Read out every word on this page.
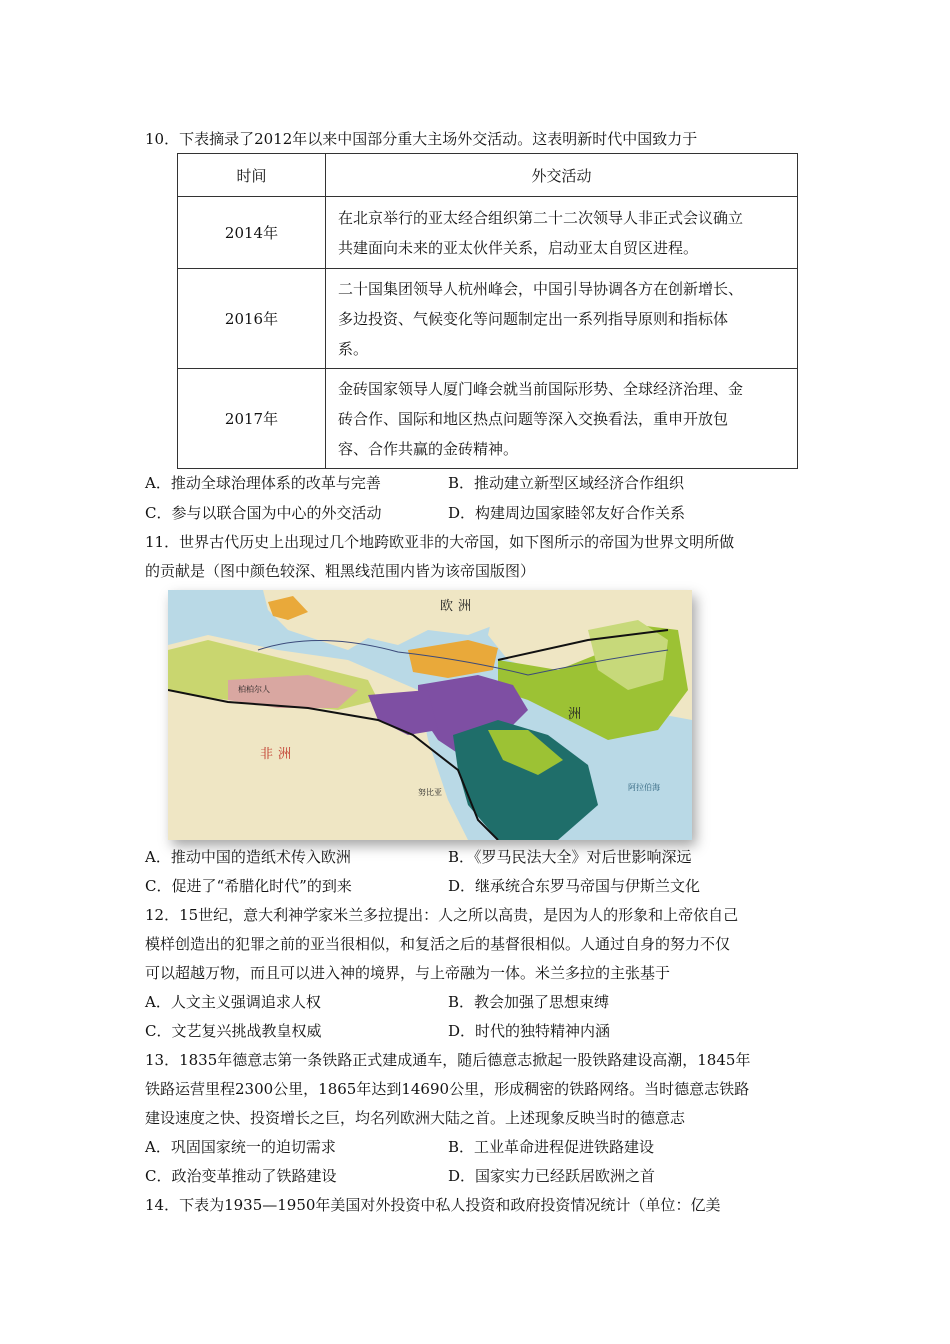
10．下表摘录了2012年以来中国部分重大主场外交活动。这表明新时代中国致力于
时间	外交活动
2014年	在北京举行的亚太经合组织第二十二次领导人非正式会议确立
共建面向未来的亚太伙伴关系，启动亚太自贸区进程。

2016年	二十国集团领导人杭州峰会，中国引导协调各方在创新增长、
多边投资、气候变化等问题制定出一系列指导原则和指标体
系。

2017年	金砖国家领导人厦门峰会就当前国际形势、全球经济治理、金
砖合作、国际和地区热点问题等深入交换看法，重申开放包
容、合作共赢的金砖精神。
A．推动全球治理体系的改革与完善	B．推动建立新型区域经济合作组织
C．参与以联合国为中心的外交活动	D．构建周边国家睦邻友好合作关系
11．世界古代历史上出现过几个地跨欧亚非的大帝国，如下图所示的帝国为世界文明所做
的贡献是（图中颜色较深、粗黑线范围内皆为该帝国版图）
欧 洲
洲
非 洲
柏柏尔人
努比亚
阿拉伯海
A．推动中国的造纸术传入欧洲	B．《罗马民法大全》对后世影响深远
C．促进了“希腊化时代”的到来	D．继承统合东罗马帝国与伊斯兰文化
12．15世纪，意大利神学家米兰多拉提出：人之所以高贵，是因为人的形象和上帝依自己
模样创造出的犯罪之前的亚当很相似，和复活之后的基督很相似。人通过自身的努力不仅
可以超越万物，而且可以进入神的境界，与上帝融为一体。米兰多拉的主张基于
A．人文主义强调追求人权	B．教会加强了思想束缚
C．文艺复兴挑战教皇权威	D．时代的独特精神内涵
13．1835年德意志第一条铁路正式建成通车，随后德意志掀起一股铁路建设高潮，1845年
铁路运营里程2300公里，1865年达到14690公里，形成稠密的铁路网络。当时德意志铁路
建设速度之快、投资增长之巨，均名列欧洲大陆之首。上述现象反映当时的德意志
A．巩固国家统一的迫切需求	B．工业革命进程促进铁路建设
C．政治变革推动了铁路建设	D．国家实力已经跃居欧洲之首
14．下表为1935—1950年美国对外投资中私人投资和政府投资情况统计（单位：亿美
